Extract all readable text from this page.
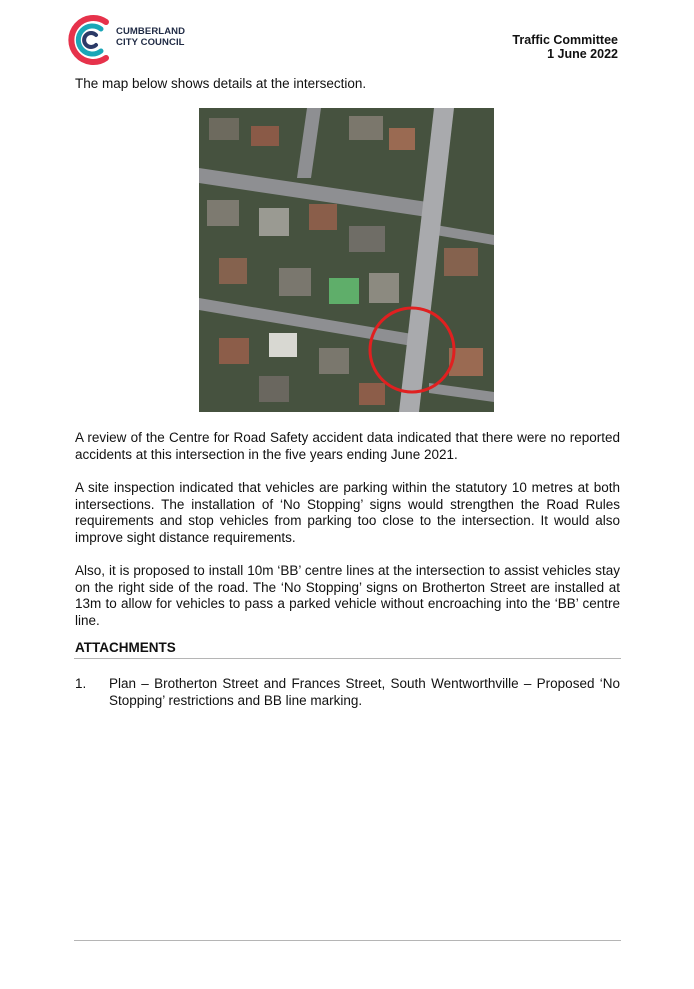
CUMBERLAND
CITY COUNCIL	Traffic Committee
1 June 2022
The map below shows details at the intersection.

A review of the Centre for Road Safety accident data indicated that there were no reported accidents at this intersection in the five years ending June 2021.

A site inspection indicated that vehicles are parking within the statutory 10 metres at both intersections. The installation of ‘No Stopping’ signs would strengthen the Road Rules requirements and stop vehicles from parking too close to the intersection. It would also improve sight distance requirements.

Also, it is proposed to install 10m ‘BB’ centre lines at the intersection to assist vehicles stay on the right side of the road. The ‘No Stopping’ signs on Brotherton Street are installed at 13m to allow for vehicles to pass a parked vehicle without encroaching into the ‘BB’ centre line.

ATTACHMENTS
1. Plan – Brotherton Street and Frances Street, South Wentworthville – Proposed ‘No Stopping’ restrictions and BB line marking.
